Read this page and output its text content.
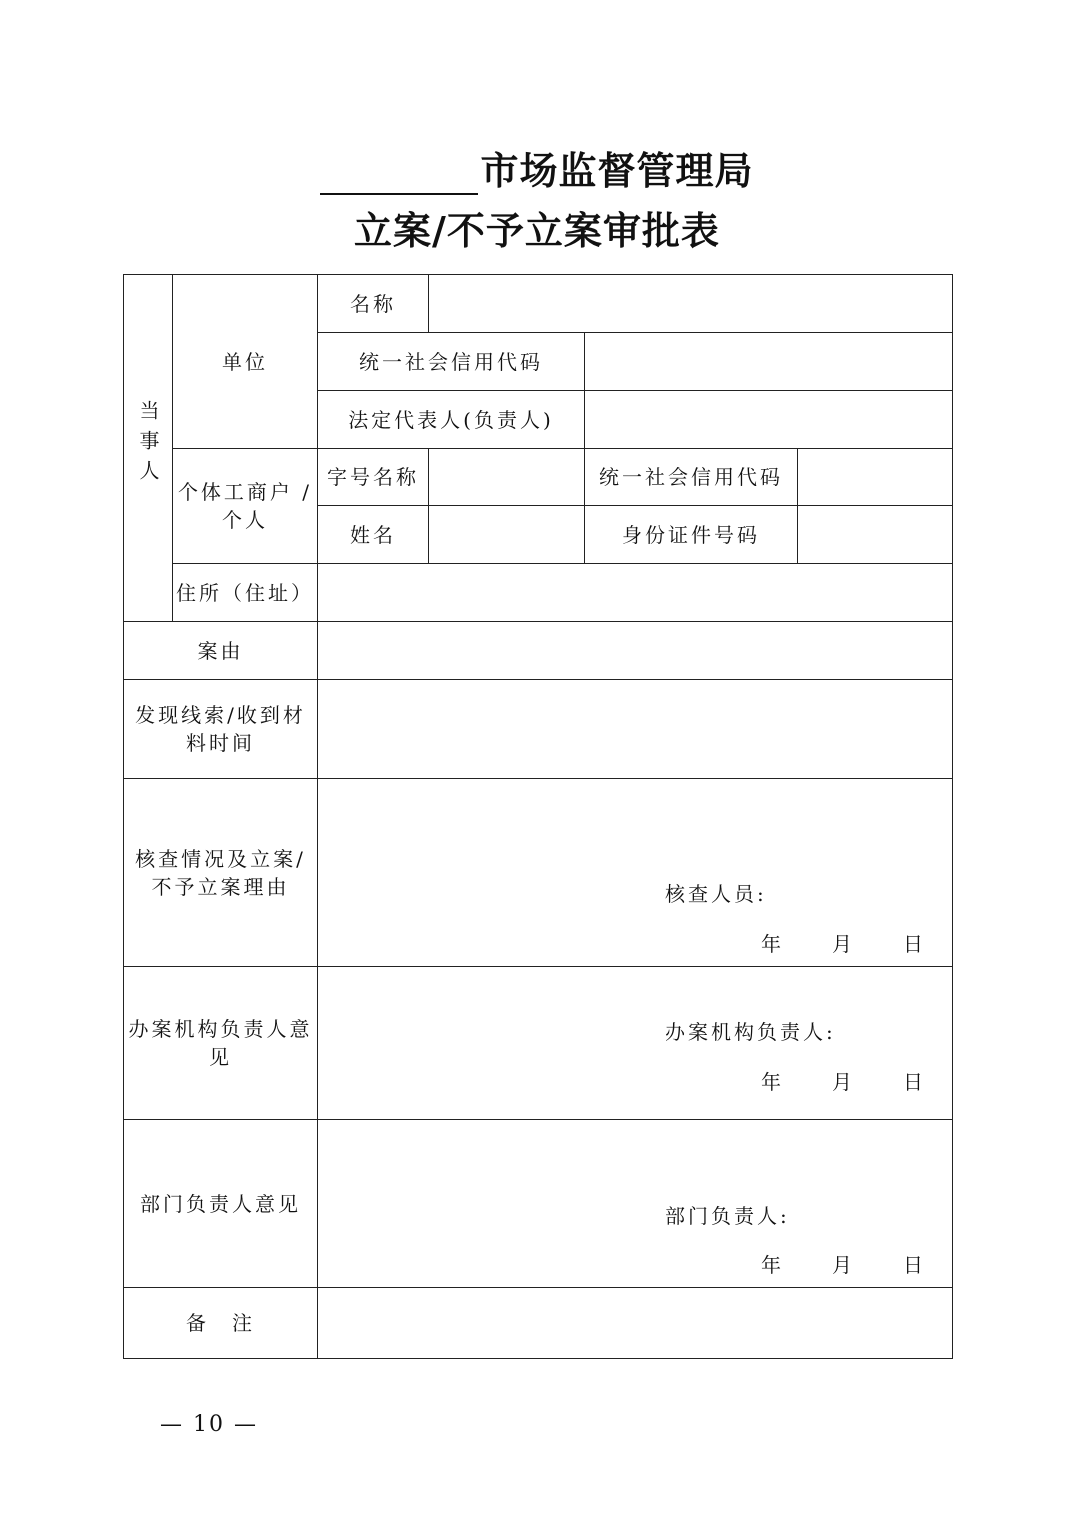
市场监督管理局
立案/不予立案审批表
当事人	单位	名称			
		统一社会信用代码			
		法定代表人(负责人)			
	个体工商户 / 个人	字号名称		统一社会信用代码	
		姓名		身份证件号码	
	住所（住址）				
案由					
发现线索/收到材料时间					
核查情况及立案/不予立案理由		核查人员:
年 月 日			

办案机构负责人意见		办案机构负责人:
年 月 日			

部门负责人意见		部门负责人:
年 月 日			

备　注					
— 10 —
